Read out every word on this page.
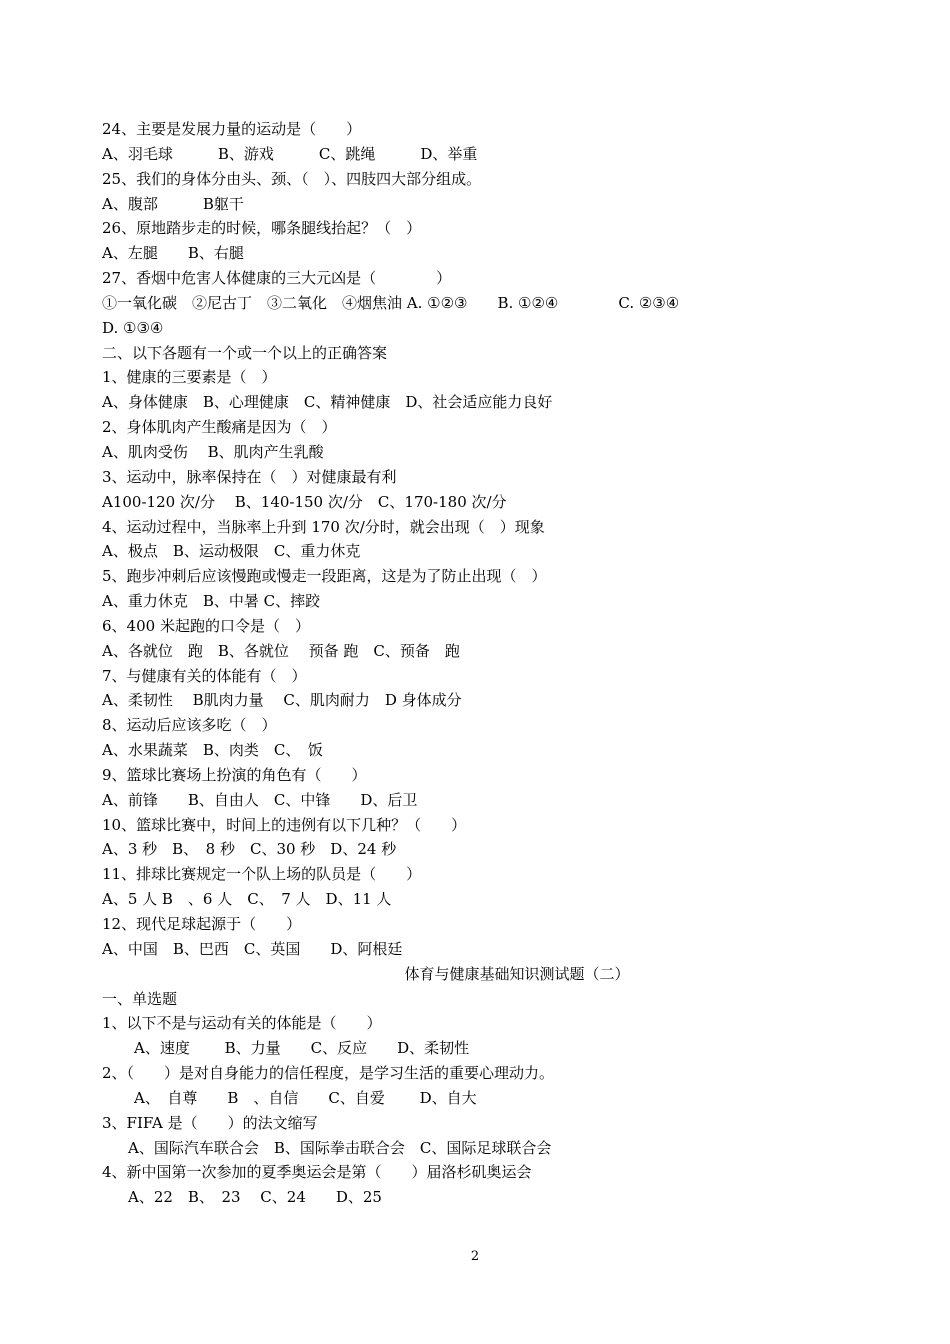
24、主要是发展力量的运动是（　　）
A、羽毛球　　　B、游戏　　　C、跳绳　　　D、举重
25、我们的身体分由头、颈、（　）、四肢四大部分组成。
A、腹部　　　B躯干
26、原地踏步走的时候，哪条腿线抬起？（　）
A、左腿　　B、右腿
27、香烟中危害人体健康的三大元凶是（　　　　）
①一氧化碳　②尼古丁　③二氧化　④烟焦油 A. ①②③　　B. ①②④　　　　C. ②③④
D. ①③④
二、以下各题有一个或一个以上的正确答案
1、健康的三要素是（　）
A、身体健康　B、心理健康　C、精神健康　D、社会适应能力良好
2、身体肌肉产生酸痛是因为（　）
A、肌肉受伤　 B、肌肉产生乳酸
3、运动中，脉率保持在（　）对健康最有利
A100-120 次/分　 B、140-150 次/分　C、170-180 次/分
4、运动过程中，当脉率上升到 170 次/分时，就会出现（　）现象
A、极点　B、运动极限　C、重力休克
5、跑步冲刺后应该慢跑或慢走一段距离，这是为了防止出现（　）
A、重力休克　B、中暑 C、摔跤
6、400 米起跑的口令是（　）
A、各就位　跑　B、各就位　 预备 跑　C、预备　跑
7、与健康有关的体能有（　）
A、柔韧性　 B肌肉力量　 C、肌肉耐力　D 身体成分
8、运动后应该多吃（　）
A、水果蔬菜　B、肉类　C、　饭
9、篮球比赛场上扮演的角色有（　　）
A、前锋　　B、自由人　C、中锋　　D、后卫
10、篮球比赛中，时间上的违例有以下几种？（　　）
A、3 秒　B、　8 秒　C、30 秒　D、24 秒
11、排球比赛规定一个队上场的队员是（　　）
A、5 人 B　、6 人　C、　7 人　D、11 人
12、现代足球起源于（　　）
A、中国　B、巴西　C、英国　　D、阿根廷
体育与健康基础知识测试题（二）
一、单选题
1、以下不是与运动有关的体能是（　　）
A、速度　　 B、力量　　C、反应　　D、柔韧性
2、（　　）是对自身能力的信任程度，是学习生活的重要心理动力。
A、　自尊　　B　、自信　　C、自爱　　 D、自大
3、FIFA 是（　　）的法文缩写
A、国际汽车联合会　B、国际拳击联合会　C、国际足球联合会
4、新中国第一次参加的夏季奥运会是第（　　）届洛杉矶奥运会
A、22　B、　23　 C、24　　D、25
2
